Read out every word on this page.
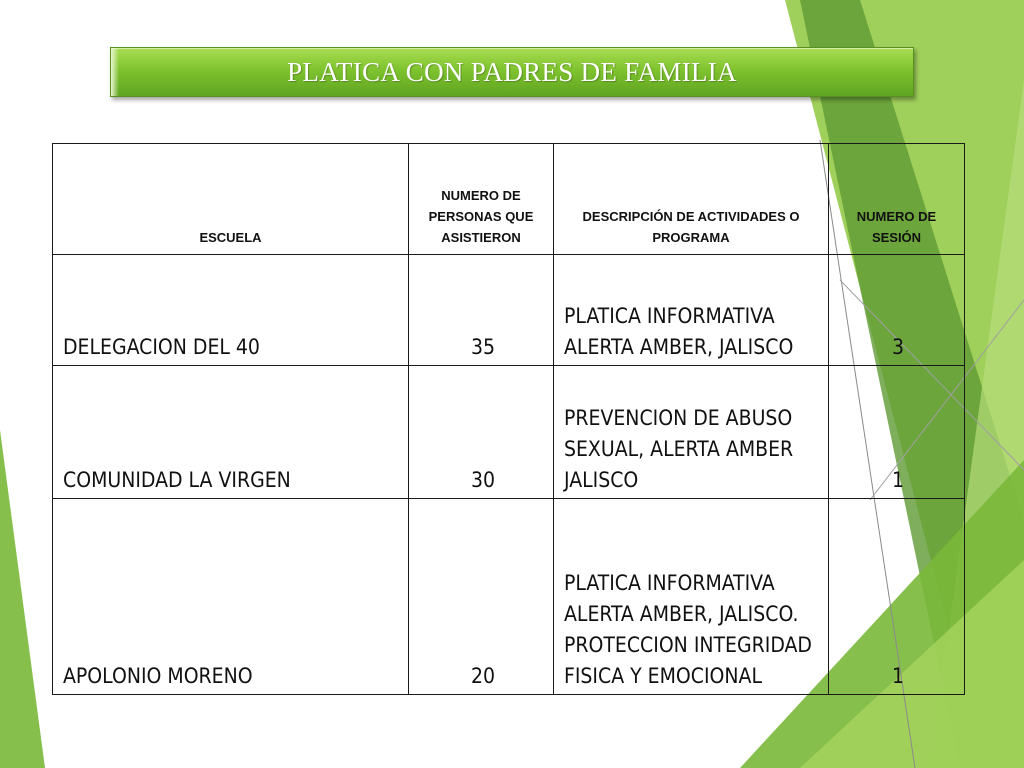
PLATICA CON PADRES DE FAMILIA
ESCUELA	NUMERO DE PERSONAS QUE ASISTIERON	DESCRIPCIÓN DE ACTIVIDADES O PROGRAMA	NUMERO DE SESIÓN
DELEGACION DEL 40	35	PLATICA INFORMATIVA ALERTA AMBER, JALISCO	3
COMUNIDAD LA VIRGEN	30	PREVENCION DE ABUSO SEXUAL, ALERTA AMBER JALISCO	1
APOLONIO MORENO	20	PLATICA INFORMATIVA ALERTA AMBER, JALISCO. PROTECCION INTEGRIDAD FISICA Y EMOCIONAL	1
